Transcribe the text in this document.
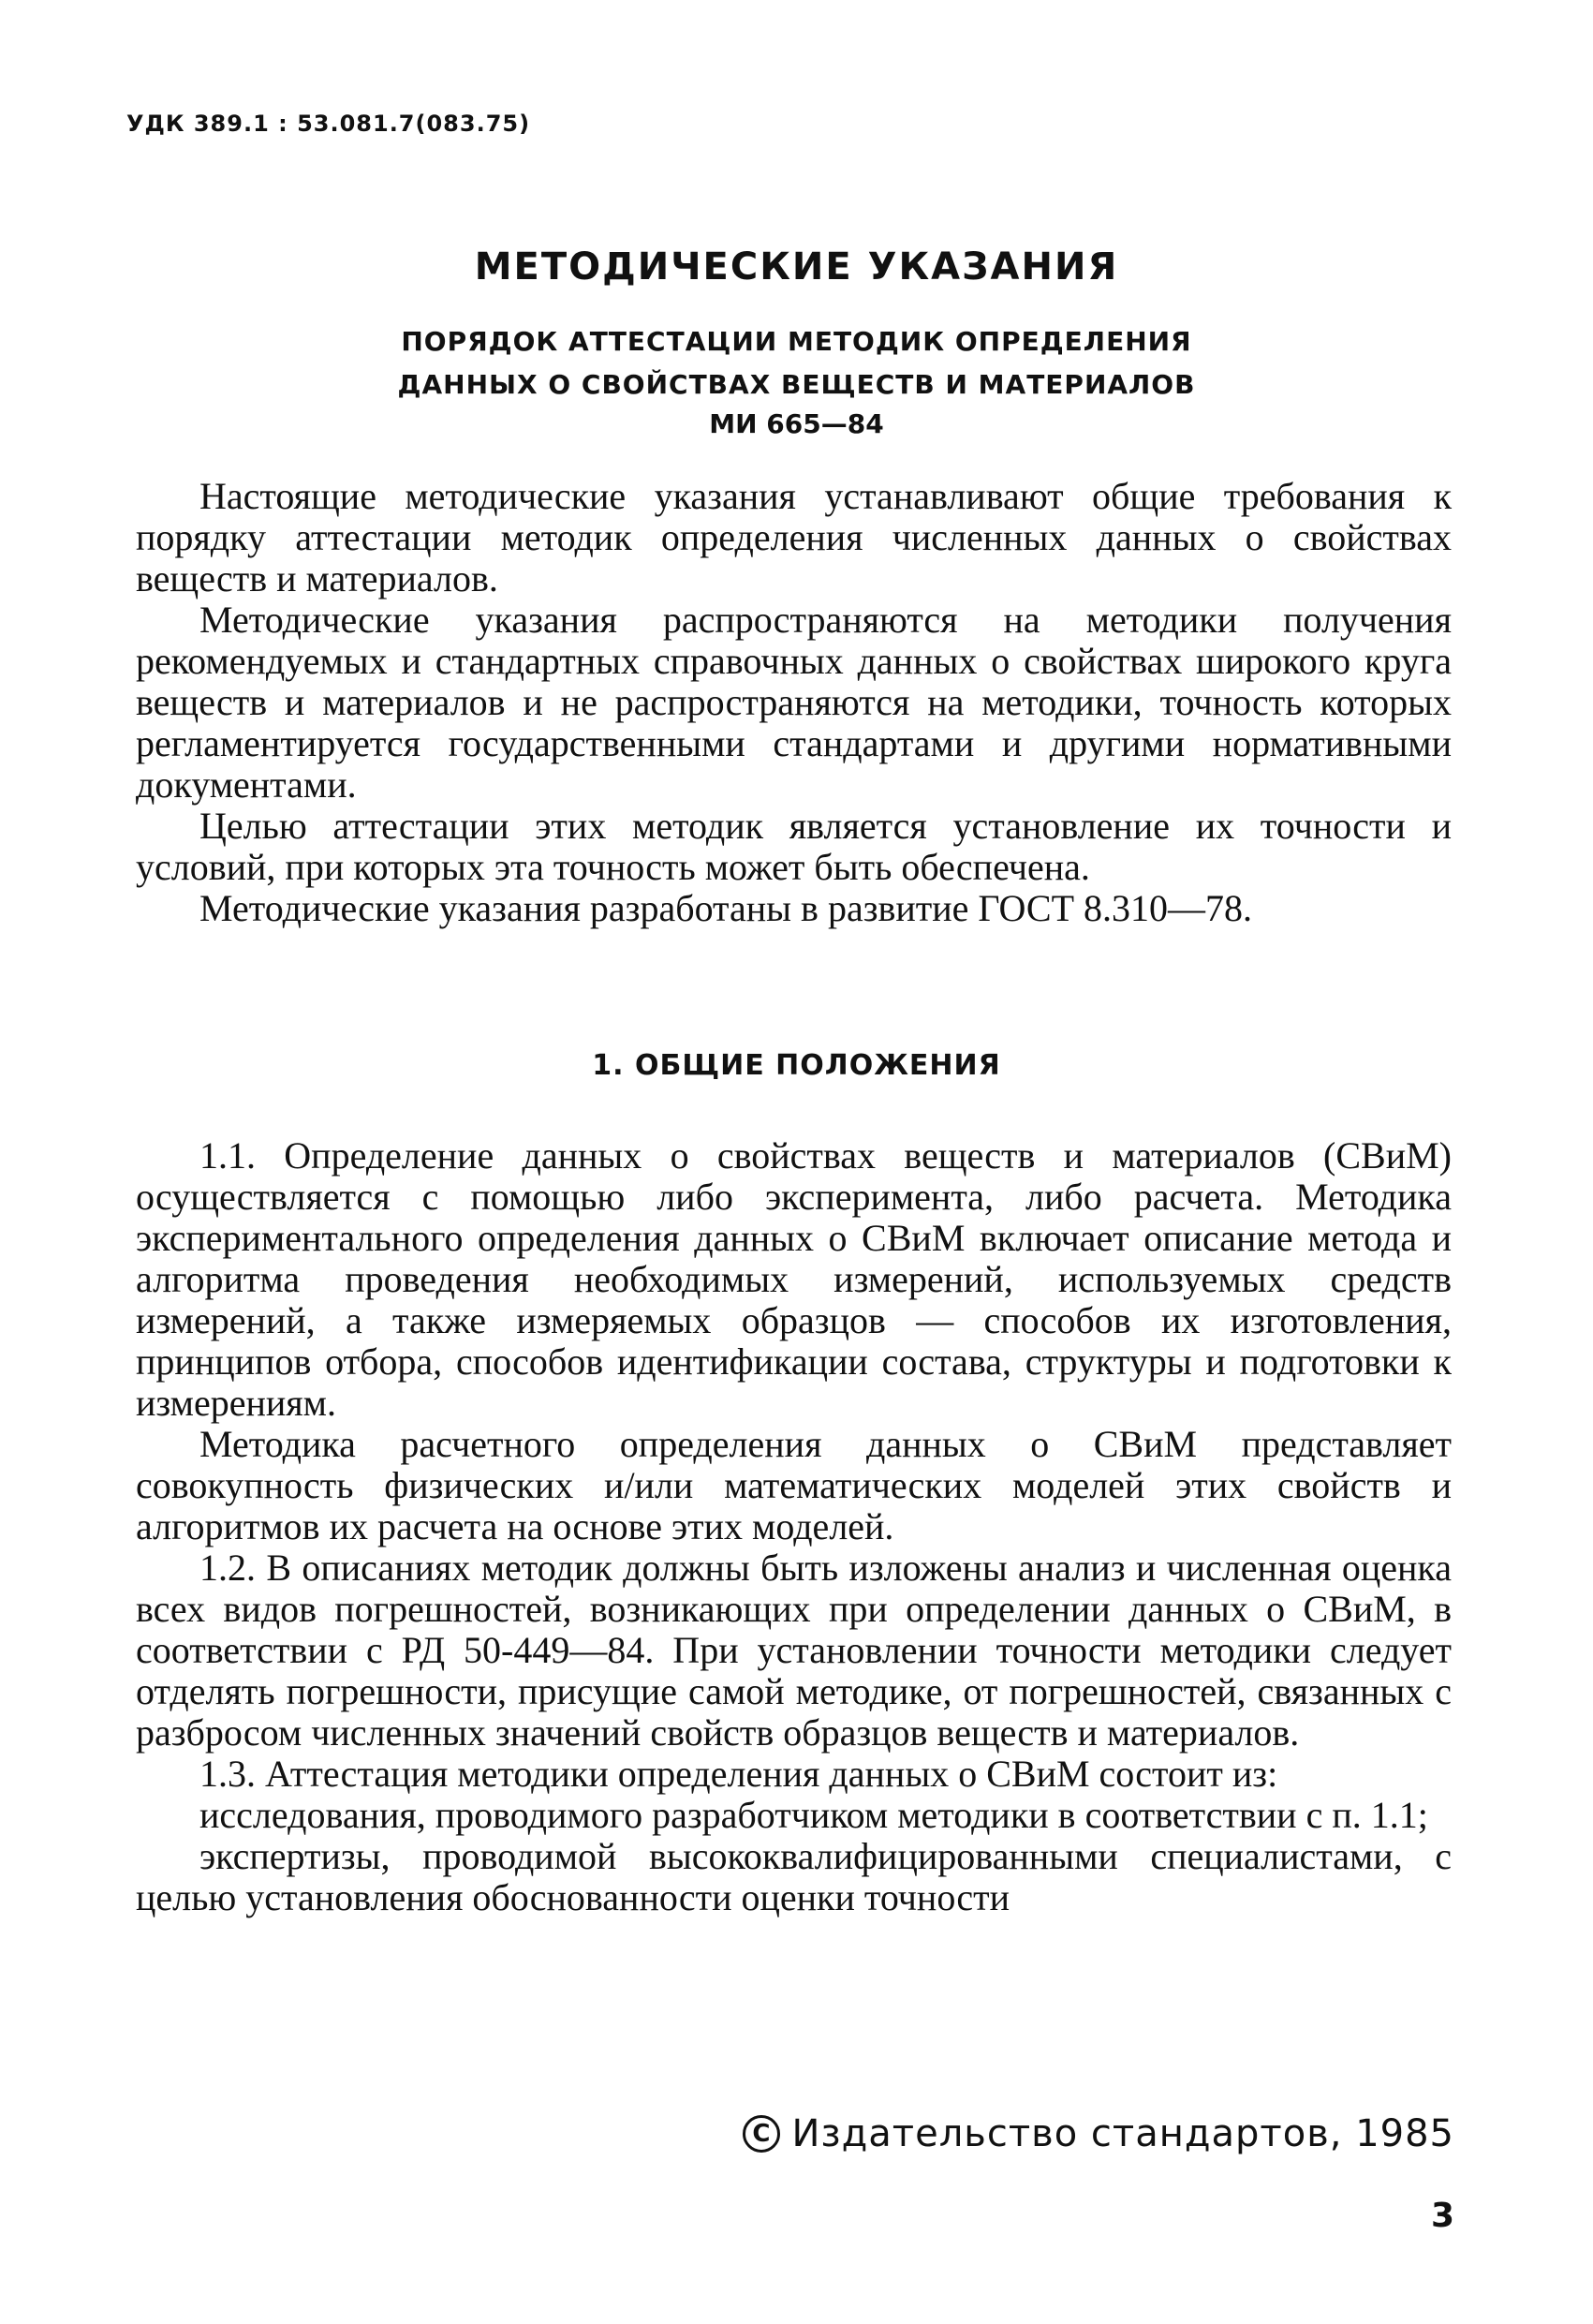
УДК 389.1 : 53.081.7(083.75)
МЕТОДИЧЕСКИЕ УКАЗАНИЯ
ПОРЯДОК АТТЕСТАЦИИ МЕТОДИК ОПРЕДЕЛЕНИЯ
ДАННЫХ О СВОЙСТВАХ ВЕЩЕСТВ И МАТЕРИАЛОВ
МИ 665—84

Настоящие методические указания устанавливают общие требования к порядку аттестации методик определения численных данных о свойствах веществ и материалов.

Методические указания распространяются на методики получения рекомендуемых и стандартных справочных данных о свойствах широкого круга веществ и материалов и не распространяются на методики, точность которых регламентируется государственными стандартами и другими нормативными документами.

Целью аттестации этих методик является установление их точности и условий, при которых эта точность может быть обеспечена.

Методические указания разработаны в развитие ГОСТ 8.310—78.

1. ОБЩИЕ ПОЛОЖЕНИЯ

1.1. Определение данных о свойствах веществ и материалов (СВиМ) осуществляется с помощью либо эксперимента, либо расчета. Методика экспериментального определения данных о СВиМ включает описание метода и алгоритма проведения необходимых измерений, используемых средств измерений, а также измеряемых образцов — способов их изготовления, принципов отбора, способов идентификации состава, структуры и подготовки к измерениям.

Методика расчетного определения данных о СВиМ представляет совокупность физических и/или математических моделей этих свойств и алгоритмов их расчета на основе этих моделей.

1.2. В описаниях методик должны быть изложены анализ и численная оценка всех видов погрешностей, возникающих при определении данных о СВиМ, в соответствии с РД 50-449—84. При установлении точности методики следует отделять погрешности, присущие самой методике, от погрешностей, связанных с разбросом численных значений свойств образцов веществ и материалов.

1.3. Аттестация методики определения данных о СВиМ состоит из:

исследования, проводимого разработчиком методики в соответствии с п. 1.1;

экспертизы, проводимой высококвалифицированными специалистами, с целью установления обоснованности оценки точности

C Издательство стандартов, 1985
3
